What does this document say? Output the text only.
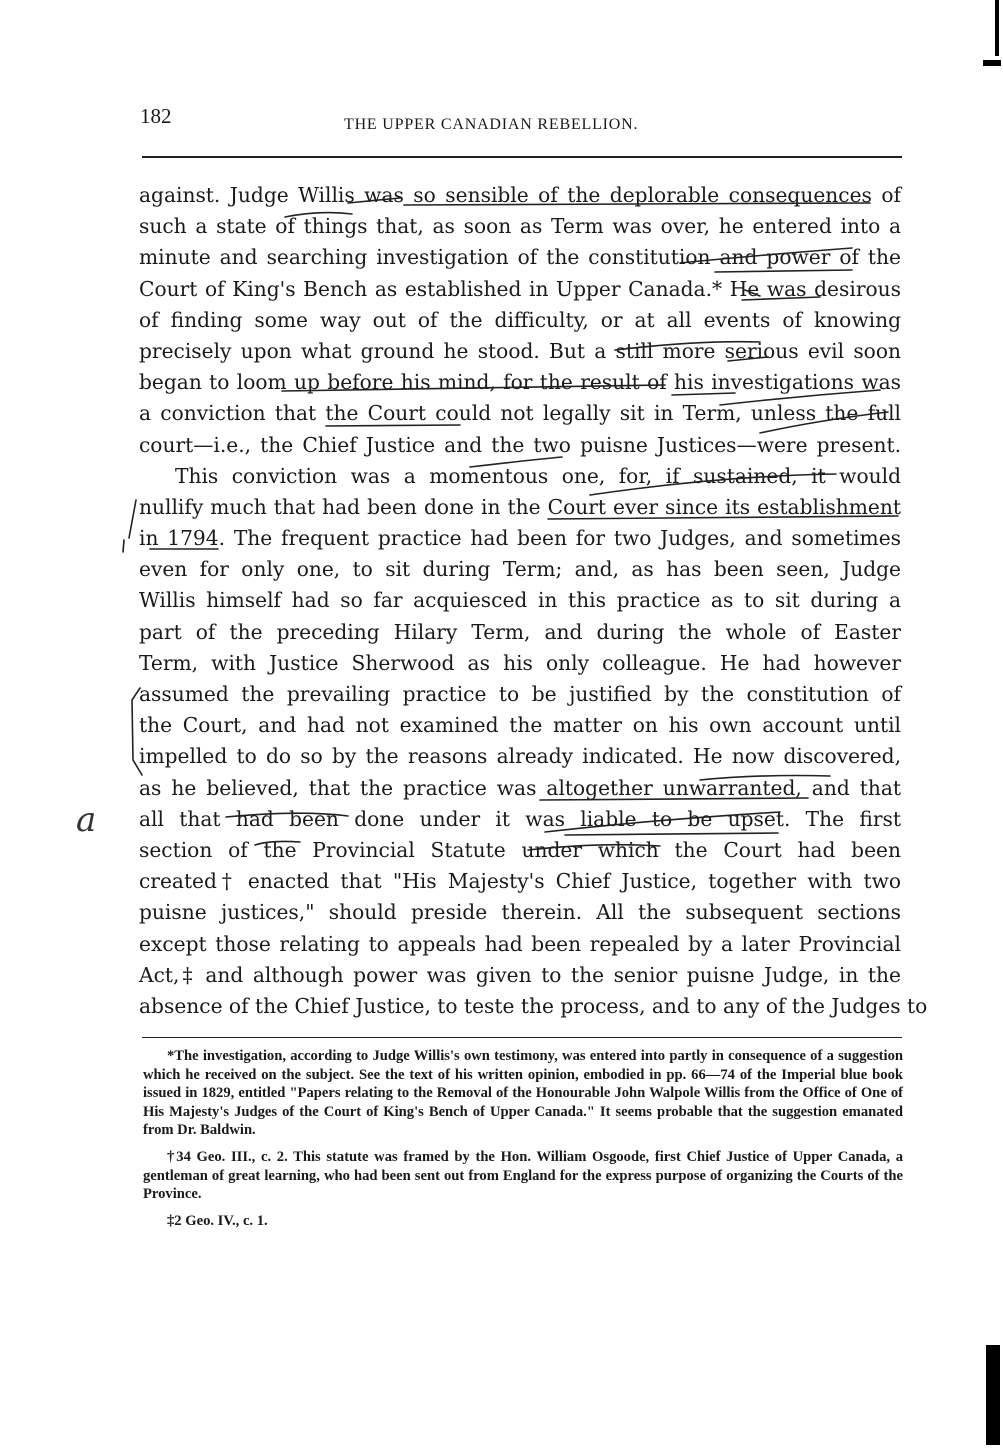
182	THE UPPER CANADIAN REBELLION.
against. Judge Willis was so sensible of the deplorable consequences of
such a state of things that, as soon as Term was over, he entered into a
minute and searching investigation of the constitution and power of the
Court of King's Bench as established in Upper Canada.* He was desirous
of finding some way out of the difficulty, or at all events of knowing
precisely upon what ground he stood. But a still more serious evil soon
began to loom up before his mind, for the result of his investigations was
a conviction that the Court could not legally sit in Term, unless the full
court—i.e., the Chief Justice and the two puisne Justices—were present.
This conviction was a momentous one, for, if sustained, it would
nullify much that had been done in the Court ever since its establishment
in 1794. The frequent practice had been for two Judges, and sometimes
even for only one, to sit during Term; and, as has been seen, Judge
Willis himself had so far acquiesced in this practice as to sit during a
part of the preceding Hilary Term, and during the whole of Easter
Term, with Justice Sherwood as his only colleague. He had however
assumed the prevailing practice to be justified by the constitution of
the Court, and had not examined the matter on his own account until
impelled to do so by the reasons already indicated. He now discovered,
as he believed, that the practice was altogether unwarranted, and that
all that had been done under it was liable to be upset. The first
section of the Provincial Statute under which the Court had been
created† enacted that "His Majesty's Chief Justice, together with two
puisne justices," should preside therein. All the subsequent sections
except those relating to appeals had been repealed by a later Provincial
Act,‡ and although power was given to the senior puisne Judge, in the
absence of the Chief Justice, to teste the process, and to any of the Judges to

*The investigation, according to Judge Willis's own testimony, was entered into partly in consequence of a suggestion which he received on the subject. See the text of his written opinion, embodied in pp. 66—74 of the Imperial blue book issued in 1829, entitled "Papers relating to the Removal of the Honourable John Walpole Willis from the Office of One of His Majesty's Judges of the Court of King's Bench of Upper Canada." It seems probable that the suggestion emanated from Dr. Baldwin.

†34 Geo. III., c. 2. This statute was framed by the Hon. William Osgoode, first Chief Justice of Upper Canada, a gentleman of great learning, who had been sent out from England for the express purpose of organizing the Courts of the Province.

‡2 Geo. IV., c. 1.

a
